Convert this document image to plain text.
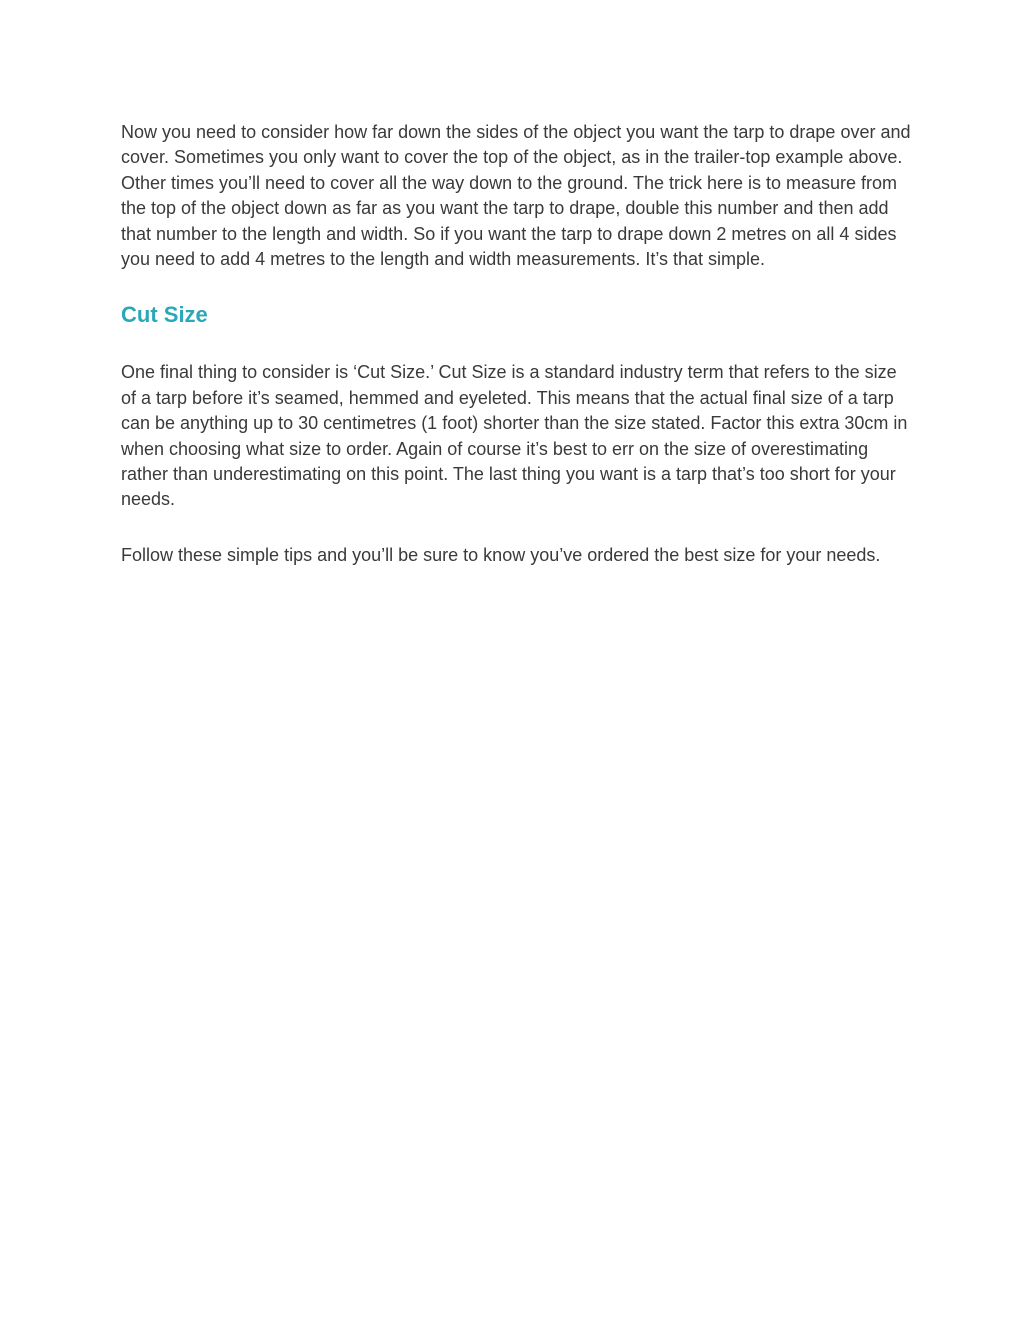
Now you need to consider how far down the sides of the object you want the tarp to drape over and cover. Sometimes you only want to cover the top of the object, as in the trailer-top example above. Other times you’ll need to cover all the way down to the ground. The trick here is to measure from the top of the object down as far as you want the tarp to drape, double this number and then add that number to the length and width. So if you want the tarp to drape down 2 metres on all 4 sides you need to add 4 metres to the length and width measurements. It’s that simple.

Cut Size

One final thing to consider is ‘Cut Size.’ Cut Size is a standard industry term that refers to the size of a tarp before it’s seamed, hemmed and eyeleted. This means that the actual final size of a tarp can be anything up to 30 centimetres (1 foot) shorter than the size stated. Factor this extra 30cm in when choosing what size to order. Again of course it’s best to err on the size of overestimating rather than underestimating on this point. The last thing you want is a tarp that’s too short for your needs.

Follow these simple tips and you’ll be sure to know you’ve ordered the best size for your needs.
